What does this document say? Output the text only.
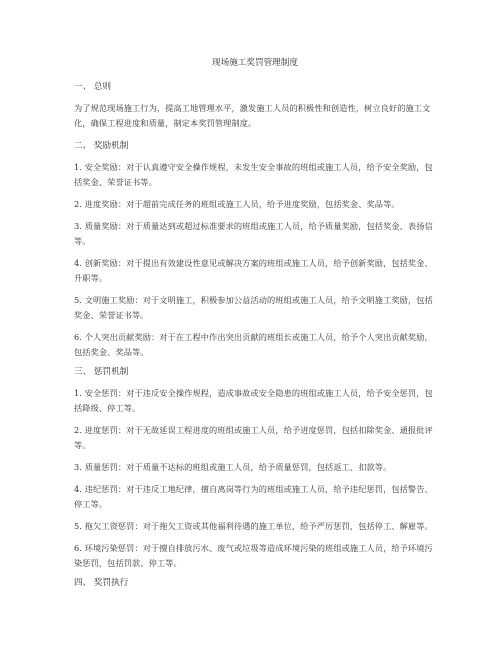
现场施工奖罚管理制度
一、 总则

为了规范现场施工行为，提高工地管理水平，激发施工人员的积极性和创造性，树立良好的施工文化，确保工程进度和质量，制定本奖罚管理制度。

二、 奖励机制

1. 安全奖励：对于认真遵守安全操作规程，未发生安全事故的班组或施工人员，给予安全奖励，包括奖金、荣誉证书等。

2. 进度奖励：对于超前完成任务的班组或施工人员，给予进度奖励，包括奖金、奖品等。

3. 质量奖励：对于质量达到或超过标准要求的班组或施工人员，给予质量奖励，包括奖金、表扬信等。

4. 创新奖励：对于提出有效建设性意见或解决方案的班组或施工人员，给予创新奖励，包括奖金、升职等。

5. 文明施工奖励：对于文明施工，积极参加公益活动的班组或施工人员，给予文明施工奖励，包括奖金、荣誉证书等。

6. 个人突出贡献奖励：对于在工程中作出突出贡献的班组长或施工人员，给予个人突出贡献奖励，包括奖金、奖品等。

三、 惩罚机制

1. 安全惩罚：对于违反安全操作规程，造成事故或安全隐患的班组或施工人员，给予安全惩罚，包括降级、停工等。

2. 进度惩罚：对于无故延误工程进度的班组或施工人员，给予进度惩罚，包括扣除奖金、通报批评等。

3. 质量惩罚：对于质量不达标的班组或施工人员，给予质量惩罚，包括返工、扣款等。

4. 违纪惩罚：对于违反工地纪律，擅自离岗等行为的班组或施工人员，给予违纪惩罚，包括警告、停工等。

5. 拖欠工资惩罚：对于拖欠工资或其他福利待遇的施工单位，给予严厉惩罚，包括停工、解雇等。

6. 环境污染惩罚：对于擅自排放污水、废气或垃圾等造成环境污染的班组或施工人员，给予环境污染惩罚，包括罚款、停工等。

四、 奖罚执行
